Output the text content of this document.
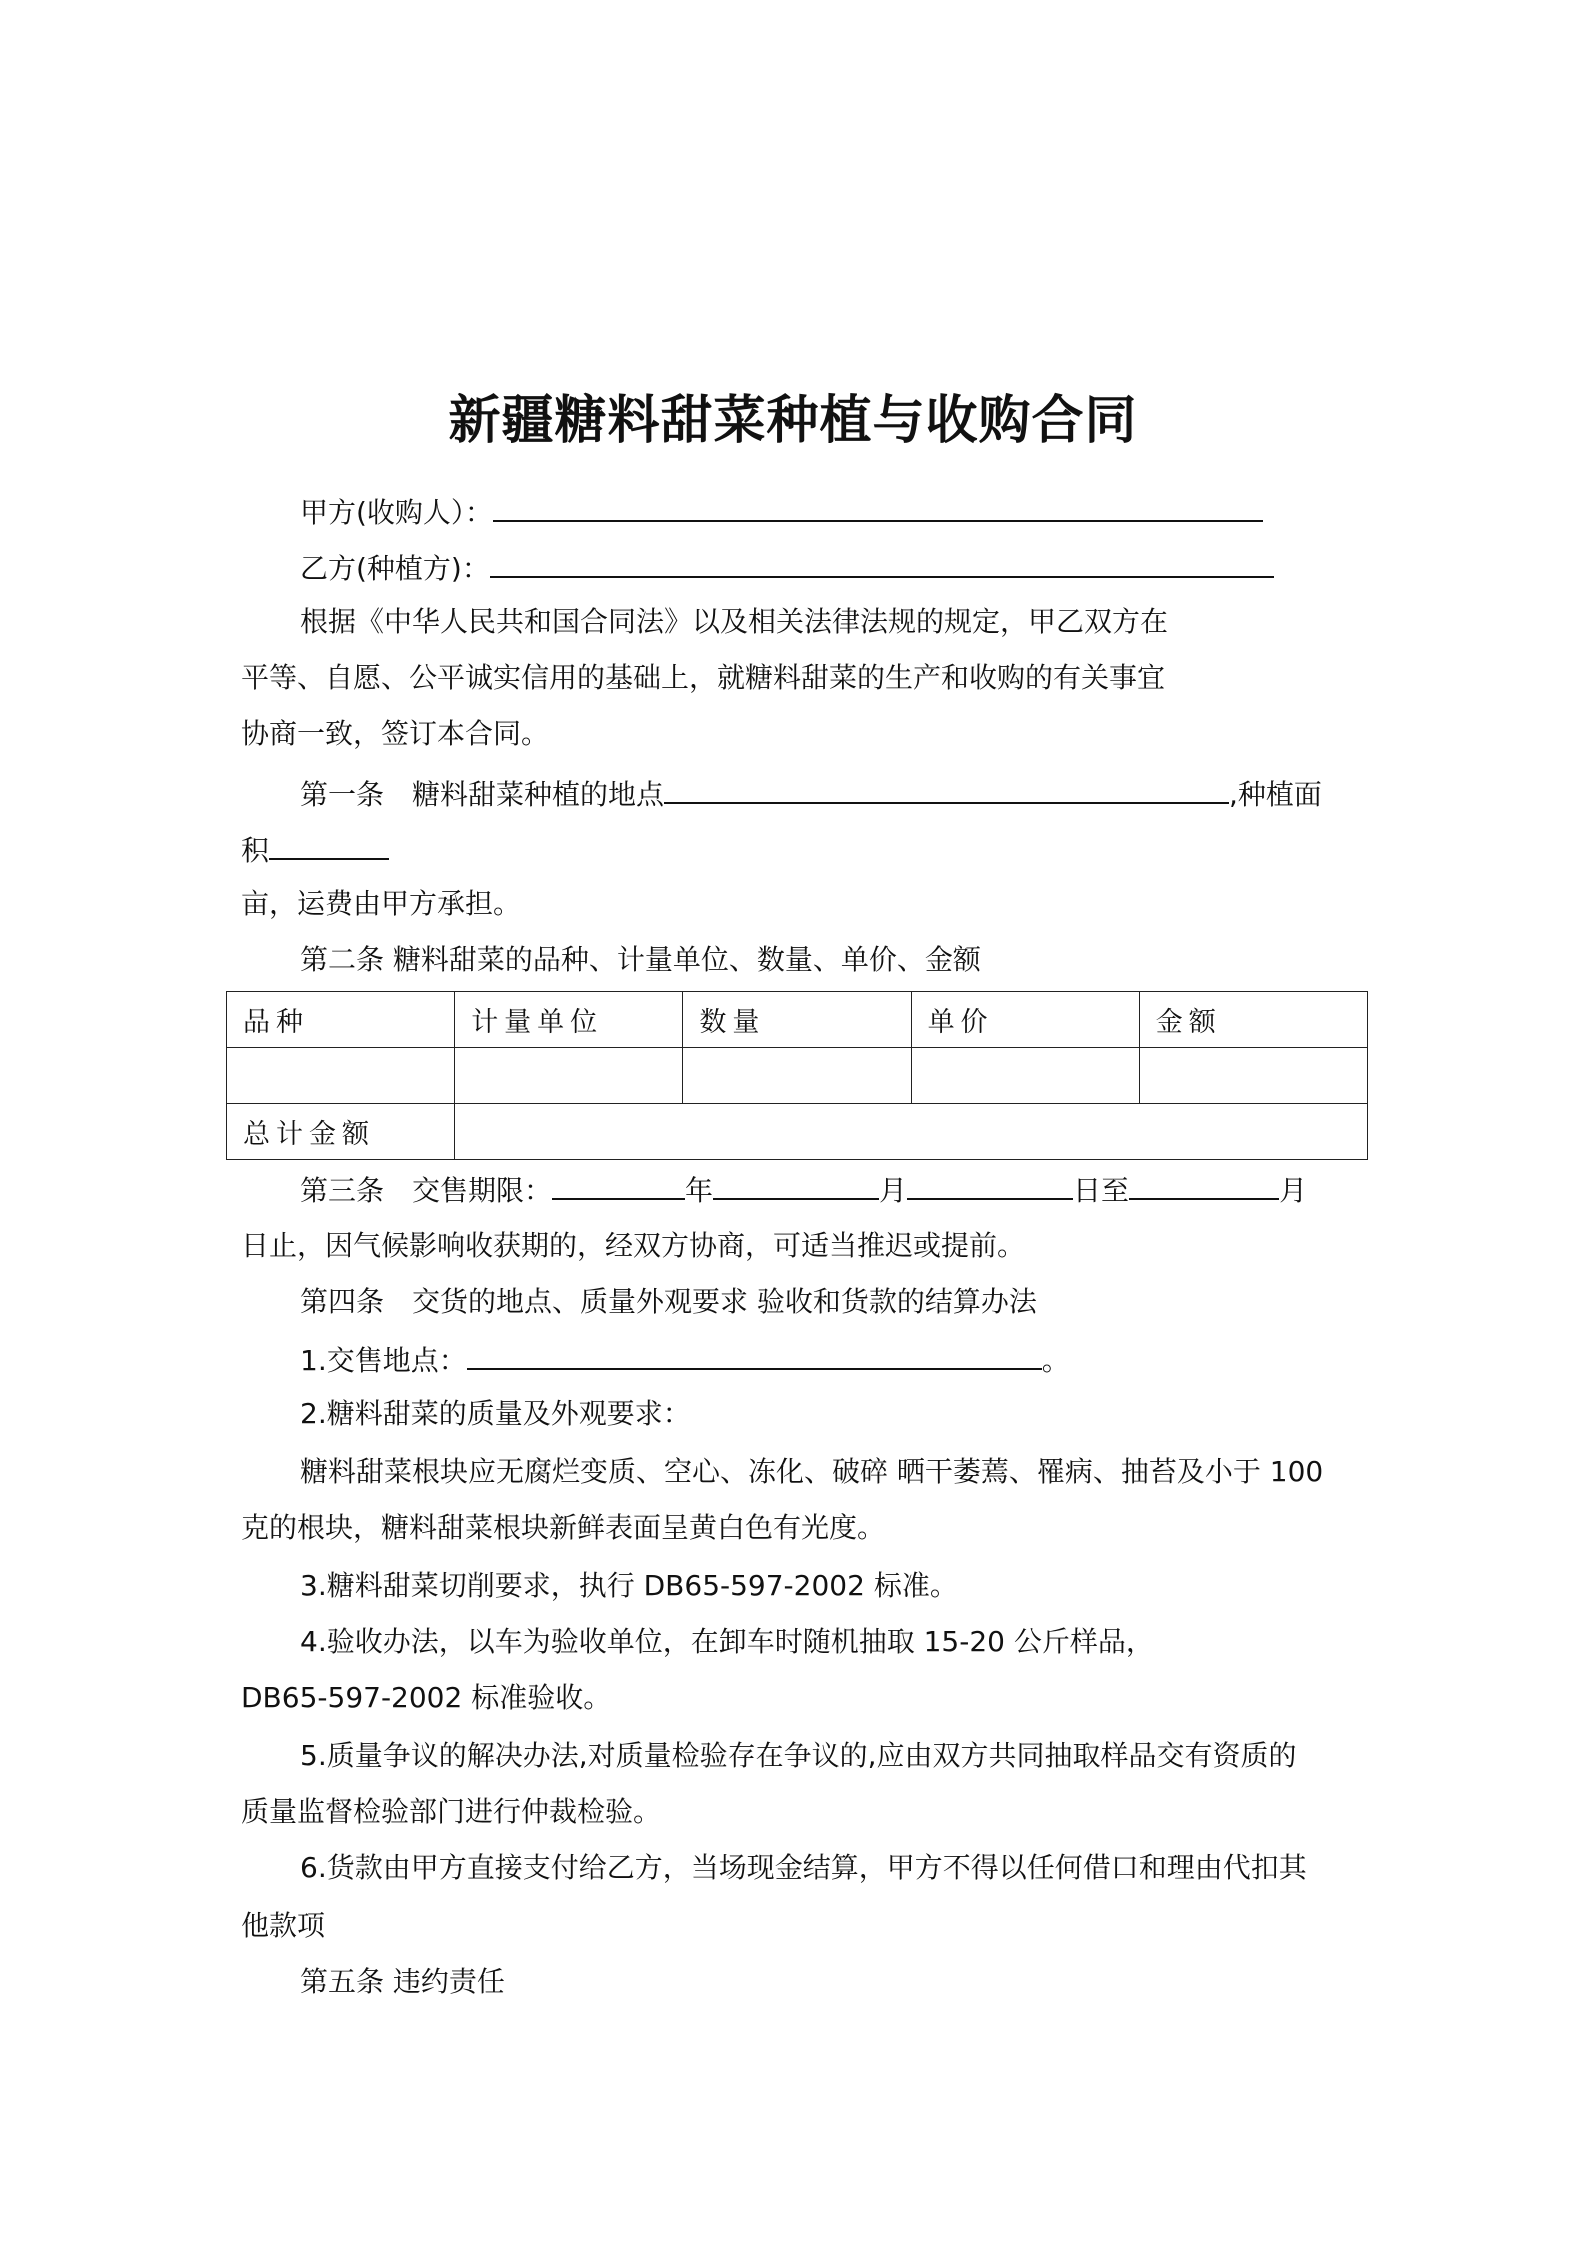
新疆糖料甜菜种植与收购合同
甲方(收购人）：
乙方(种植方)：
根据《中华人民共和国合同法》以及相关法律法规的规定，甲乙双方在
平等、自愿、公平诚实信用的基础上，就糖料甜菜的生产和收购的有关事宜
协商一致，签订本合同。
第一条　糖料甜菜种植的地点	,种植面
积
亩，运费由甲方承担。
第二条 糖料甜菜的品种、计量单位、数量、单价、金额
品种	计量单位	数量	单价	金额

总计金额				
第三条　交售期限：	年	月	日至	月
日止，因气候影响收获期的，经双方协商，可适当推迟或提前。
第四条　交货的地点、质量外观要求 验收和货款的结算办法
1.交售地点：	。
2.糖料甜菜的质量及外观要求：
糖料甜菜根块应无腐烂变质、空心、冻化、破碎 晒干萎蔫、罹病、抽苔及小于 100
克的根块，糖料甜菜根块新鲜表面呈黄白色有光度。
3.糖料甜菜切削要求，执行 DB65-597-2002 标准。
4.验收办法，以车为验收单位，在卸车时随机抽取 15-20 公斤样品，
DB65-597-2002 标准验收。
5.质量争议的解决办法,对质量检验存在争议的,应由双方共同抽取样品交有资质的
质量监督检验部门进行仲裁检验。
6.货款由甲方直接支付给乙方，当场现金结算，甲方不得以任何借口和理由代扣其
他款项
第五条 违约责任
